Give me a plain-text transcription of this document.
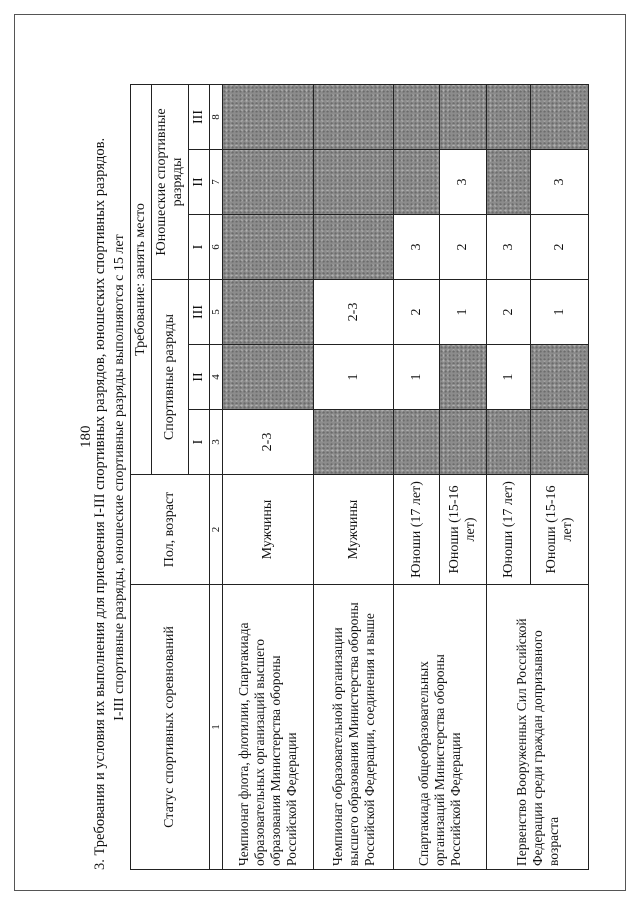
180

3. Требования и условия их выполнения для присвоения I-III спортивных разрядов, юношеских спортивных разрядов. I-III спортивные разряды, юношеские спортивные разряды выполняются с 15 лет

Статус спортивных соревнований	Пол, возраст	Требование: занять место					
		Спортивные разряды			Юношеские спортивные разряды		
		I	II	III	I	II	III
1	2	3	4	5	6	7	8
Чемпионат флота, флотилии, Спартакиада образовательных организаций высшего образования Министерства обороны Российской Федерации	Мужчины	2-3					
Чемпионат образовательной организации высшего образования Министерства обороны Российской Федерации, соединения и выше	Мужчины		1	2-3			
Спартакиада общеобразовательных организаций Министерства обороны Российской Федерации	Юноши (17 лет)		1	2	3		
	Юноши (15-16 лет)			1	2	3	
Первенство Вооруженных Сил Российской Федерации среди граждан допризывного возраста	Юноши (17 лет)		1	2	3		
	Юноши (15-16 лет)			1	2	3	
